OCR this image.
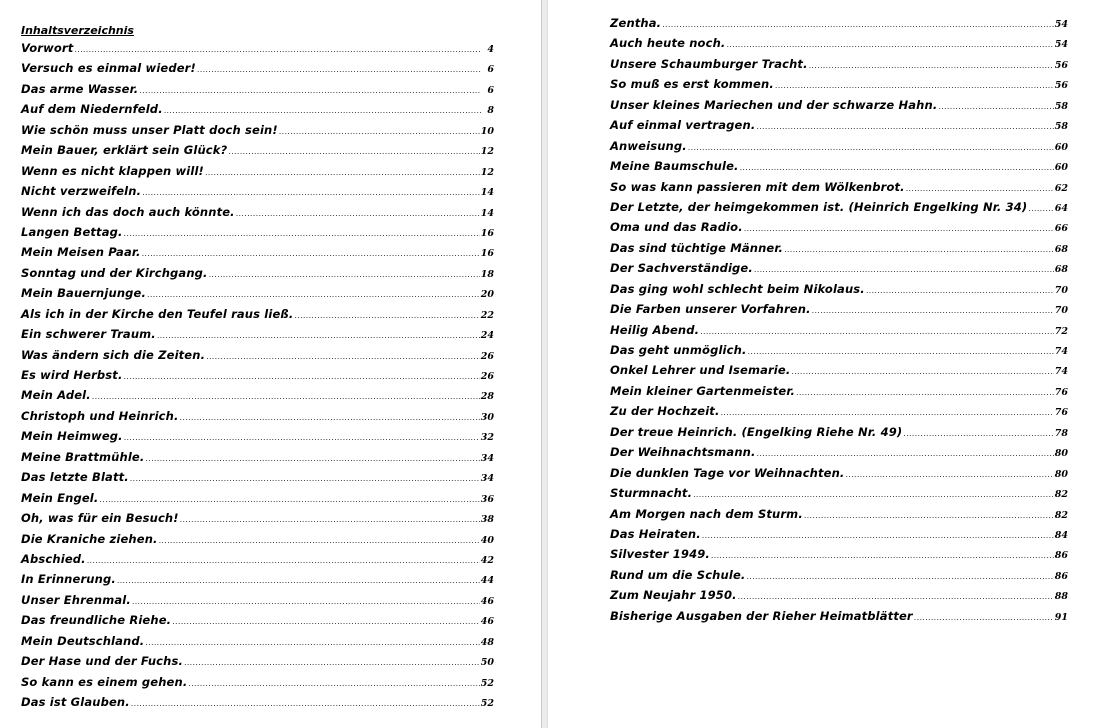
Inhaltsverzeichnis
Vorwort .....	4
Versuch es einmal wieder! .....	6
Das arme Wasser. .....	6
Auf dem Niedernfeld. .....	8
Wie schön muss unser Platt doch sein! .....	10
Mein Bauer, erklärt sein Glück? .....	12
Wenn es nicht klappen will! .....	12
Nicht verzweifeln. .....	14
Wenn ich das doch auch könnte. .....	14
Langen Bettag. .....	16
Mein Meisen Paar. .....	16
Sonntag und der Kirchgang. .....	18
Mein Bauernjunge. .....	20
Als ich in der Kirche den Teufel raus ließ. .....	22
Ein schwerer Traum. .....	24
Was ändern sich die Zeiten. .....	26
Es wird Herbst. .....	26
Mein Adel. .....	28
Christoph und Heinrich. .....	30
Mein Heimweg. .....	32
Meine Brattmühle. .....	34
Das letzte Blatt. .....	34
Mein Engel. .....	36
Oh, was für ein Besuch! .....	38
Die Kraniche ziehen. .....	40
Abschied. .....	42
In Erinnerung. .....	44
Unser Ehrenmal. .....	46
Das freundliche Riehe. .....	46
Mein Deutschland. .....	48
Der Hase und der Fuchs. .....	50
So kann es einem gehen. .....	52
Das ist Glauben. .....	52
Zentha. .....	54
Auch heute noch. .....	54
Unsere Schaumburger Tracht. .....	56
So muß es erst kommen. .....	56
Unser kleines Mariechen und der schwarze Hahn. .....	58
Auf einmal vertragen. .....	58
Anweisung. .....	60
Meine Baumschule. .....	60
So was kann passieren mit dem Wölkenbrot. .....	62
Der Letzte, der heimgekommen ist. (Heinrich Engelking Nr. 34) .....	64
Oma und das Radio. .....	66
Das sind tüchtige Männer. .....	68
Der Sachverständige. .....	68
Das ging wohl schlecht beim Nikolaus. .....	70
Die Farben unserer Vorfahren. .....	70
Heilig Abend. .....	72
Das geht unmöglich. .....	74
Onkel Lehrer und Isemarie. .....	74
Mein kleiner Gartenmeister. .....	76
Zu der Hochzeit. .....	76
Der treue Heinrich. (Engelking Riehe Nr. 49) .....	78
Der Weihnachtsmann. .....	80
Die dunklen Tage vor Weihnachten. .....	80
Sturmnacht. .....	82
Am Morgen nach dem Sturm. .....	82
Das Heiraten. .....	84
Silvester 1949. .....	86
Rund um die Schule. .....	86
Zum Neujahr 1950. .....	88
Bisherige Ausgaben der Rieher Heimatblätter .....	91
